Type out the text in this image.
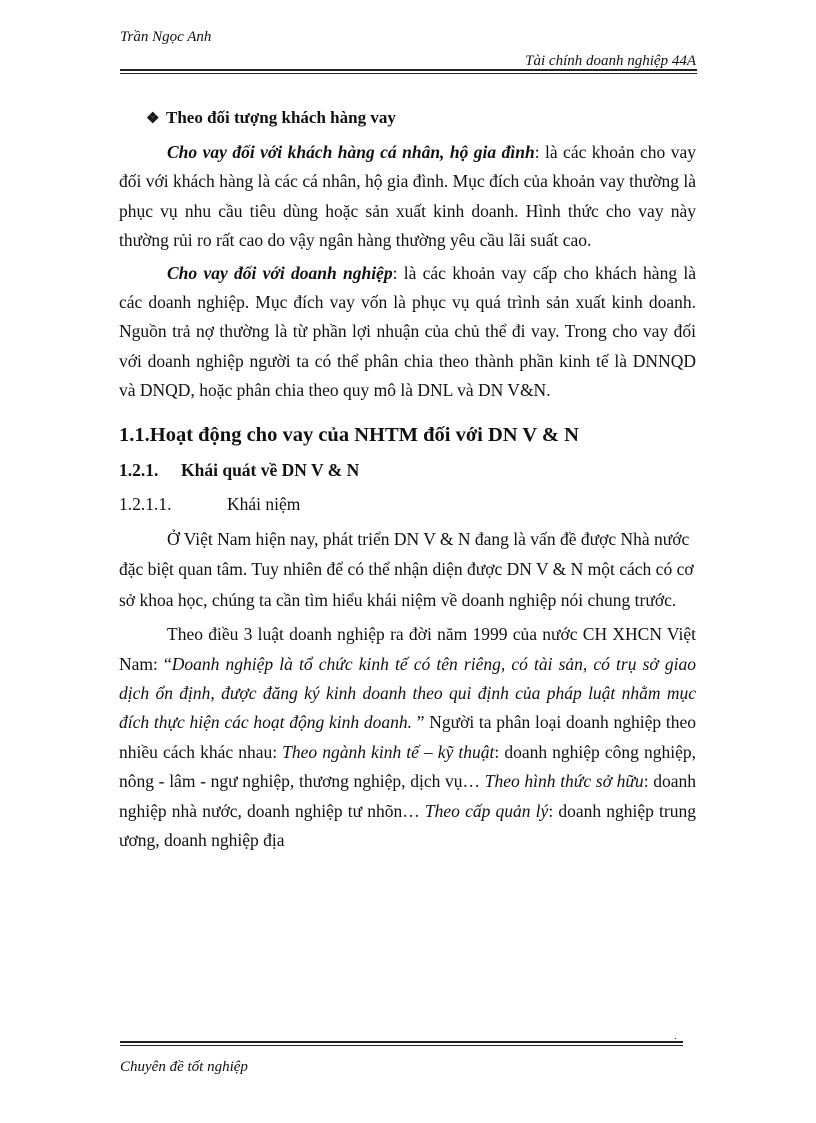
Trần Ngọc Anh
Tài chính doanh nghiệp 44A

❖ Theo đối tượng khách hàng vay

Cho vay đối với khách hàng cá nhân, hộ gia đình: là các khoản cho vay đối với khách hàng là các cá nhân, hộ gia đình. Mục đích của khoản vay thường là phục vụ nhu cầu tiêu dùng hoặc sản xuất kinh doanh. Hình thức cho vay này thường rủi ro rất cao do vậy ngân hàng thường yêu cầu lãi suất cao.

Cho vay đối với doanh nghiệp: là các khoản vay cấp cho khách hàng là các doanh nghiệp. Mục đích vay vốn là phục vụ quá trình sản xuất kinh doanh. Nguồn trả nợ thường là từ phần lợi nhuận của chủ thể đi vay. Trong cho vay đối với doanh nghiệp người ta có thể phân chia theo thành phần kinh tế là DNNQD và DNQD, hoặc phân chia theo quy mô là DNL và DN V&N.

1.1.Hoạt động cho vay của NHTM đối với DN V & N

1.2.1. Khái quát về DN V & N

1.2.1.1.	Khái niệm

Ở Việt Nam hiện nay, phát triển DN V & N đang là vấn đề được Nhà nước đặc biệt quan tâm. Tuy nhiên để có thể nhận diện được DN V & N một cách có cơ sở khoa học, chúng ta cần tìm hiểu khái niệm về doanh nghiệp nói chung trước.

Theo điều 3 luật doanh nghiệp ra đời năm 1999 của nước CH XHCN Việt Nam: “Doanh nghiệp là tổ chức kinh tế có tên riêng, có tài sản, có trụ sở giao dịch ổn định, được đăng ký kinh doanh theo qui định của pháp luật nhằm mục đích thực hiện các hoạt động kinh doanh. ” Người ta phân loại doanh nghiệp theo nhiều cách khác nhau: Theo ngành kinh tế – kỹ thuật: doanh nghiệp công nghiệp, nông - lâm - ngư nghiệp, thương nghiệp, dịch vụ… Theo hình thức sở hữu: doanh nghiệp nhà nước, doanh nghiệp tư nhõn… Theo cấp quản lý: doanh nghiệp trung ương, doanh nghiệp địa

.
Chuyên đề tốt nghiệp
